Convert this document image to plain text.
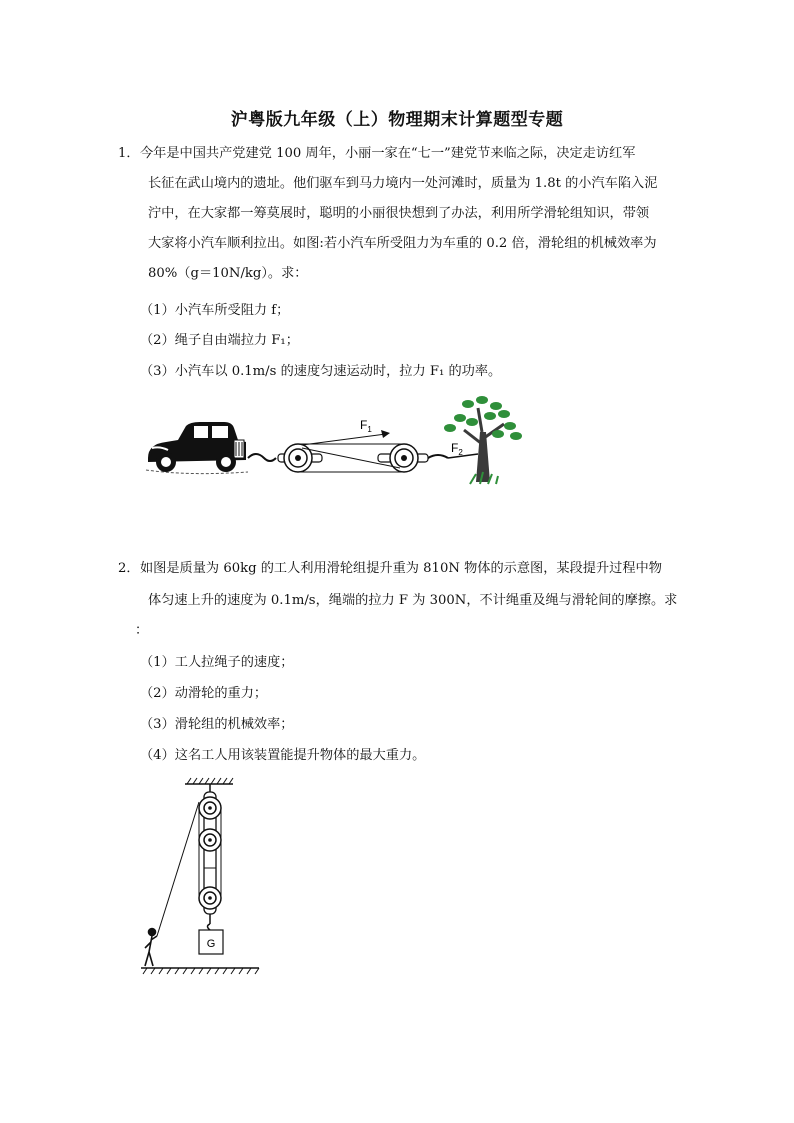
沪粤版九年级（上）物理期末计算题型专题
1． 今年是中国共产党建党 100 周年，小丽一家在“七一”建党节来临之际，决定走访红军
长征在武山境内的遗址。他们驱车到马力境内一处河滩时，质量为 1.8t 的小汽车陷入泥
泞中，在大家都一筹莫展时，聪明的小丽很快想到了办法，利用所学滑轮组知识，带领
大家将小汽车顺利拉出。如图:若小汽车所受阻力为车重的 0.2 倍，滑轮组的机械效率为
80%（g＝10N/kg）。求：
（1）小汽车所受阻力 f；
（2）绳子自由端拉力 F₁；
（3）小汽车以 0.1m/s 的速度匀速运动时，拉力 F₁ 的功率。
$F_1$
$F_2$
2． 如图是质量为 60kg 的工人利用滑轮组提升重为 810N 物体的示意图，某段提升过程中物
体匀速上升的速度为 0.1m/s，绳端的拉力 F 为 300N，不计绳重及绳与滑轮间的摩擦。求
：
（1）工人拉绳子的速度；
（2）动滑轮的重力；
（3）滑轮组的机械效率；
（4）这名工人用该装置能提升物体的最大重力。
G
